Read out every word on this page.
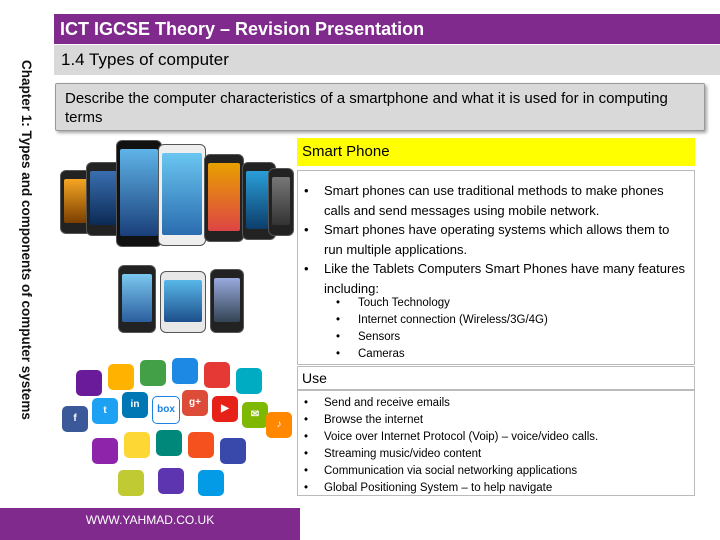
ICT IGCSE Theory – Revision Presentation
1.4 Types of computer
Chapter 1: Types and components of computer systems	Describe the computer characteristics of a smartphone and what it is used for in computing terms
f
t
in	box
g+
▶
✉
♪
WWW.YAHMAD.CO.UK
Smart Phone
• Smart phones can use traditional methods to make phones calls and send messages using mobile network.
• Smart phones have operating systems which allows them to run multiple applications.
• Like the Tablets Computers Smart Phones have many features including:
• Touch Technology
• Internet connection (Wireless/3G/4G)
• Sensors
• Cameras
Use
• Send and receive emails
• Browse the internet
• Voice over Internet Protocol (Voip) – voice/video calls.
• Streaming music/video content
• Communication via social networking applications
• Global Positioning System – to help navigate
